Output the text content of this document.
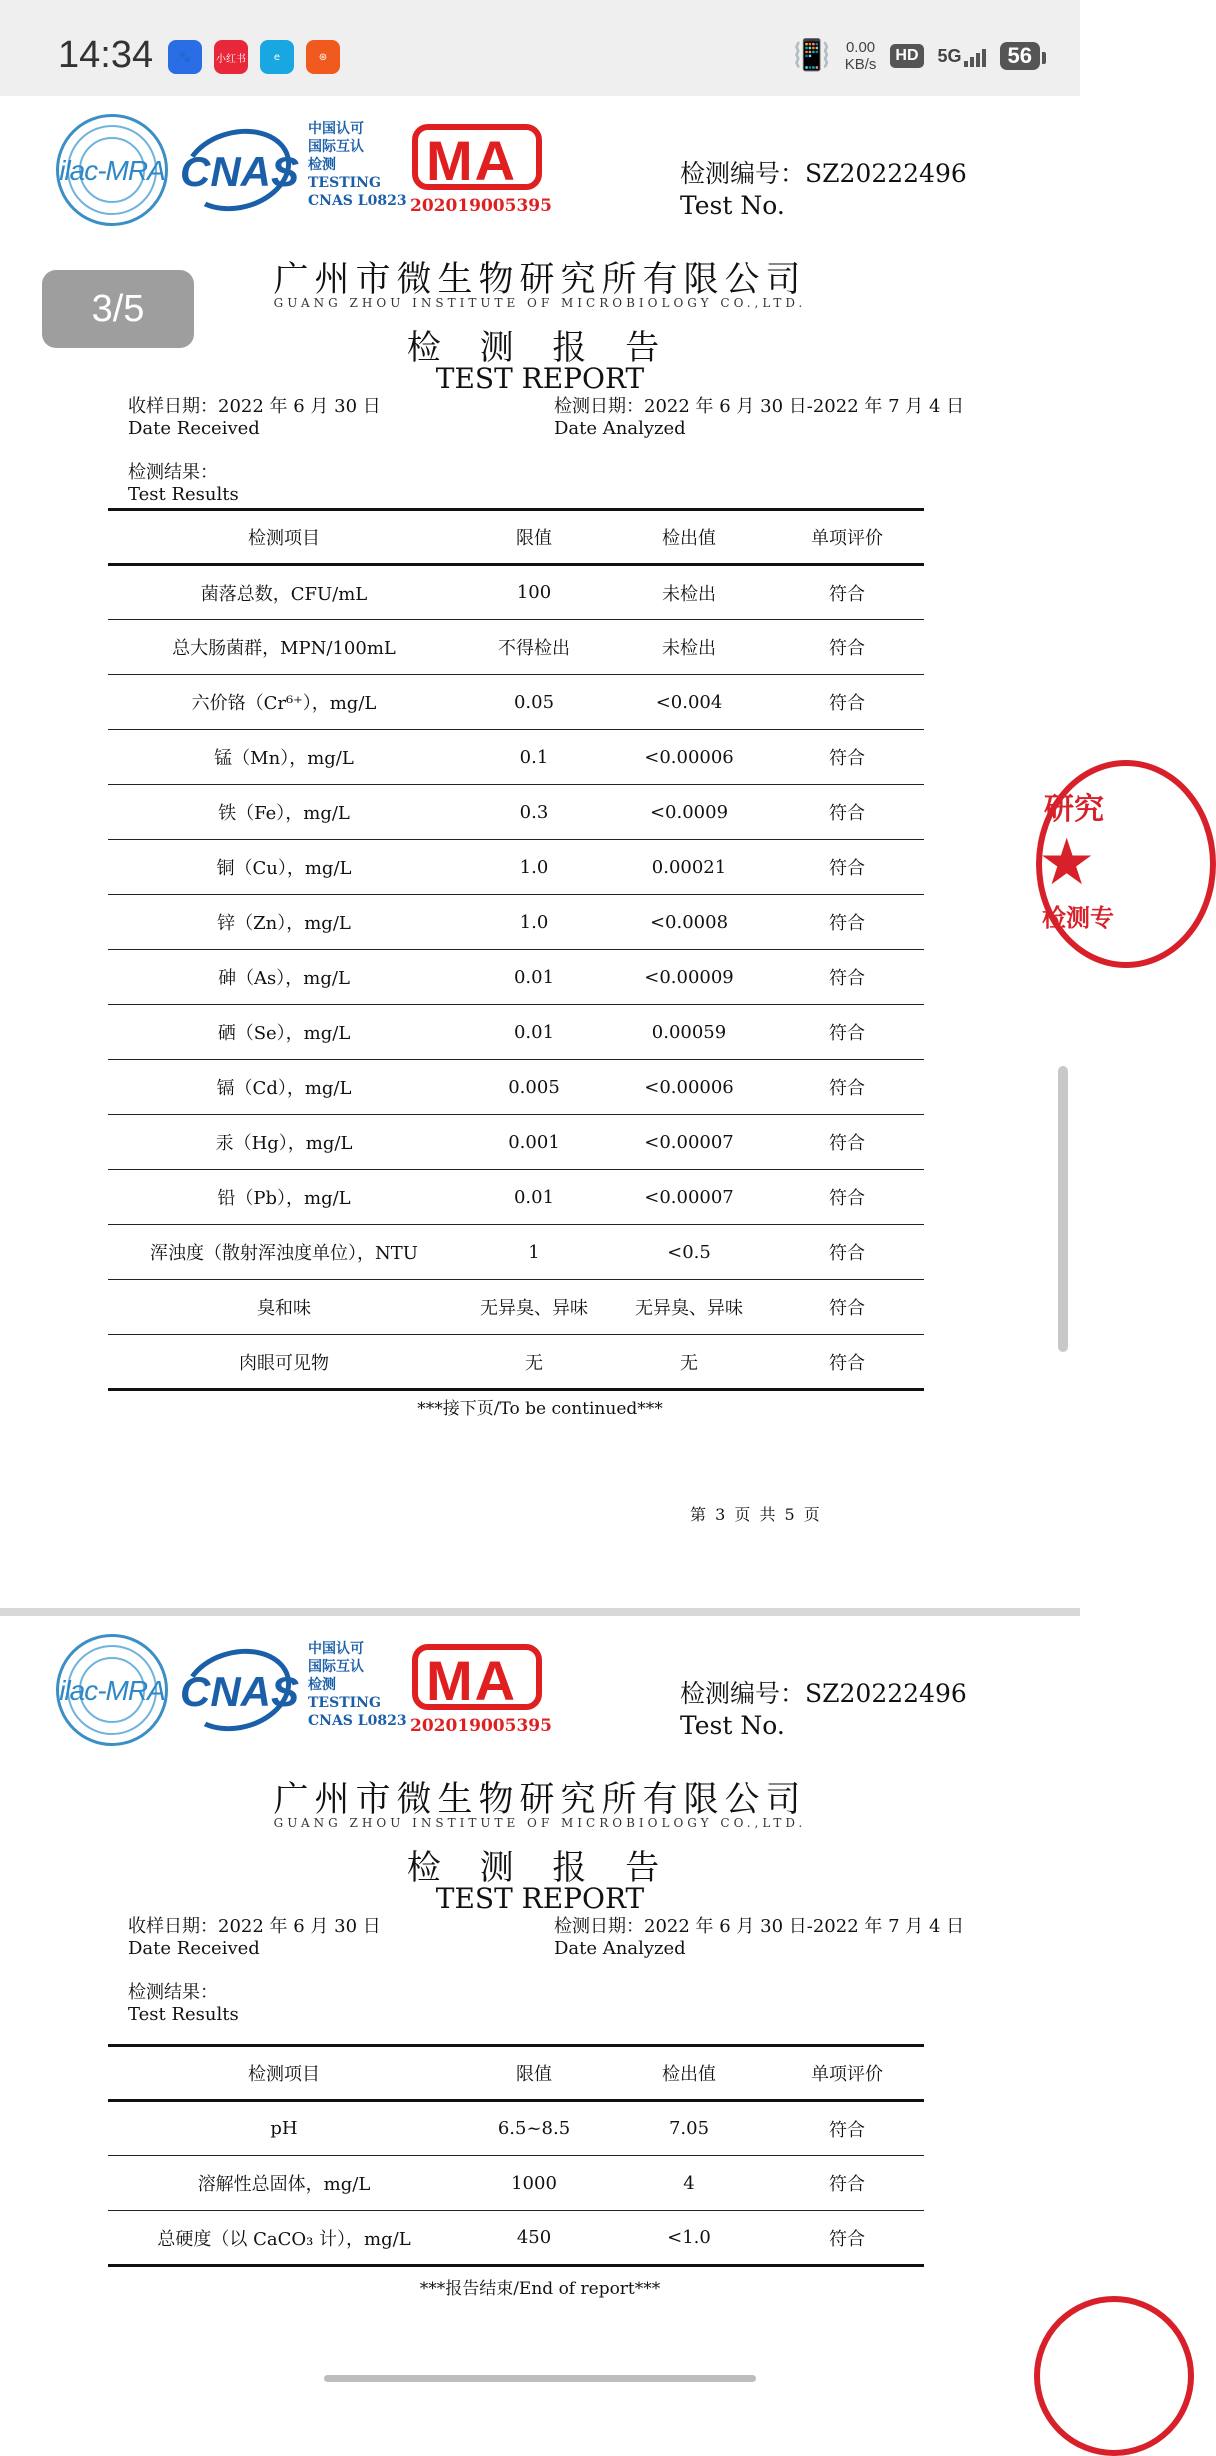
14:34	🐾	小红书	e	⊛	📳 0.00
KB/s
HD 5G	56
ilac-MRA CNAS
中国认可
国际互认
检测
TESTING
CNAS L0823
MA
202019005395
检测编号：SZ20222496
Test No.
广州市微生物研究所有限公司
GUANG ZHOU INSTITUTE OF MICROBIOLOGY CO.,LTD.
检 测 报 告
TEST REPORT
收样日期：2022 年 6 月 30 日
Date Received
检测日期：2022 年 6 月 30 日-2022 年 7 月 4 日
Date Analyzed
检测结果：
Test Results
检测项目	限值	检出值	单项评价
菌落总数，CFU/mL	100	未检出	符合
总大肠菌群，MPN/100mL	不得检出	未检出	符合
六价铬（Cr⁶⁺），mg/L	0.05	<0.004	符合
锰（Mn），mg/L	0.1	<0.00006	符合
铁（Fe），mg/L	0.3	<0.0009	符合
铜（Cu），mg/L	1.0	0.00021	符合
锌（Zn），mg/L	1.0	<0.0008	符合
砷（As），mg/L	0.01	<0.00009	符合
硒（Se），mg/L	0.01	0.00059	符合
镉（Cd），mg/L	0.005	<0.00006	符合
汞（Hg），mg/L	0.001	<0.00007	符合
铅（Pb），mg/L	0.01	<0.00007	符合
浑浊度（散射浑浊度单位），NTU	1	<0.5	符合
臭和味	无异臭、异味	无异臭、异味	符合
肉眼可见物	无	无	符合
***接下页/To be continued***
第 3 页 共 5 页
ilac-MRA CNAS
中国认可
国际互认
检测
TESTING
CNAS L0823
MA
202019005395
检测编号：SZ20222496
Test No.
广州市微生物研究所有限公司
GUANG ZHOU INSTITUTE OF MICROBIOLOGY CO.,LTD.
检 测 报 告
TEST REPORT
收样日期：2022 年 6 月 30 日
Date Received
检测日期：2022 年 6 月 30 日-2022 年 7 月 4 日
Date Analyzed
检测结果：
Test Results
检测项目	限值	检出值	单项评价
pH	6.5~8.5	7.05	符合
溶解性总固体，mg/L	1000	4	符合
总硬度（以 CaCO₃ 计），mg/L	450	<1.0	符合
***报告结束/End of report***
3/5
研究
★
检测专
